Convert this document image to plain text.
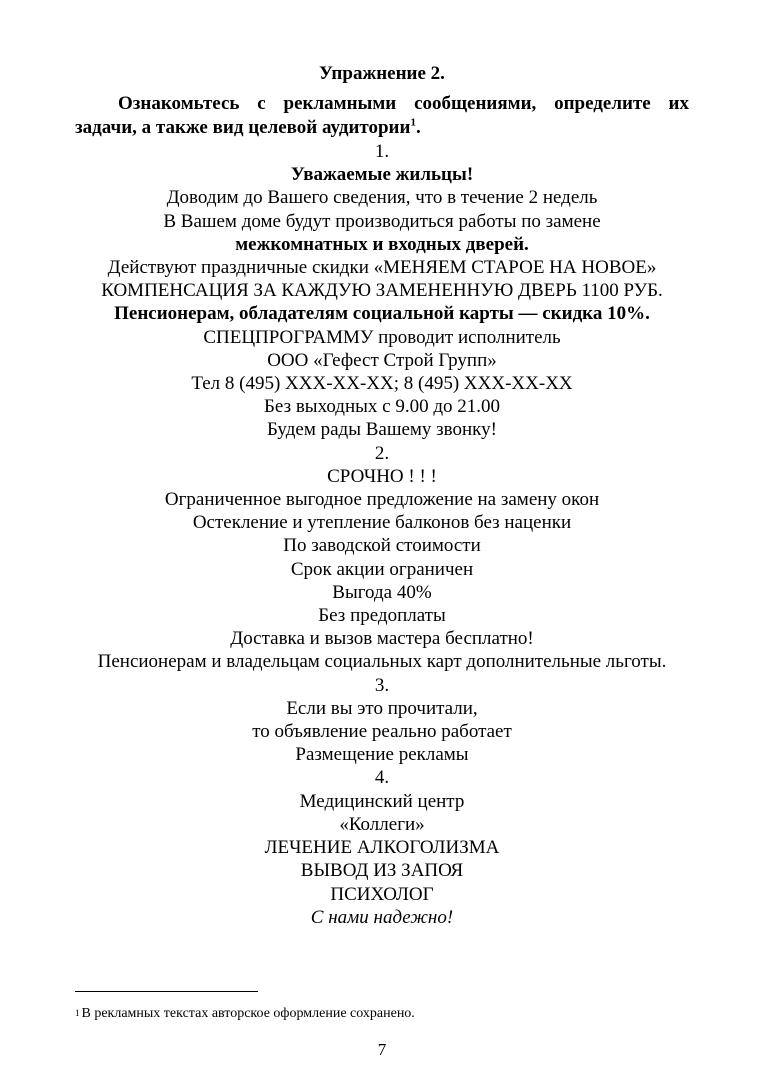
Упражнение 2.

Ознакомьтесь с рекламными сообщениями, определите их задачи, а также вид целевой аудитории$^1$.

1.
Уважаемые жильцы!
Доводим до Вашего сведения, что в течение 2 недель
В Вашем доме будут производиться работы по замене
межкомнатных и входных дверей.
Действуют праздничные скидки «МЕНЯЕМ СТАРОЕ НА НОВОЕ»
КОМПЕНСАЦИЯ ЗА КАЖДУЮ ЗАМЕНЕННУЮ ДВЕРЬ 1100 РУБ.
Пенсионерам, обладателям социальной карты — скидка 10%.
СПЕЦПРОГРАММУ проводит исполнитель
ООО «Гефест Строй Групп»
Тел 8 (495) XXX-XX-XX; 8 (495) XXX-XX-XX
Без выходных с 9.00 до 21.00
Будем рады Вашему звонку!
2.
СРОЧНО ! ! !
Ограниченное выгодное предложение на замену окон
Остекление и утепление балконов без наценки
По заводской стоимости
Срок акции ограничен
Выгода 40%
Без предоплаты
Доставка и вызов мастера бесплатно!
Пенсионерам и владельцам социальных карт дополнительные льготы.
3.
Если вы это прочитали,
то объявление реально работает
Размещение рекламы
4.
Медицинский центр
«Коллеги»
ЛЕЧЕНИЕ АЛКОГОЛИЗМА
ВЫВОД ИЗ ЗАПОЯ
ПСИХОЛОГ
С нами надежно!
$^1$ В рекламных текстах авторское оформление сохранено.
7
